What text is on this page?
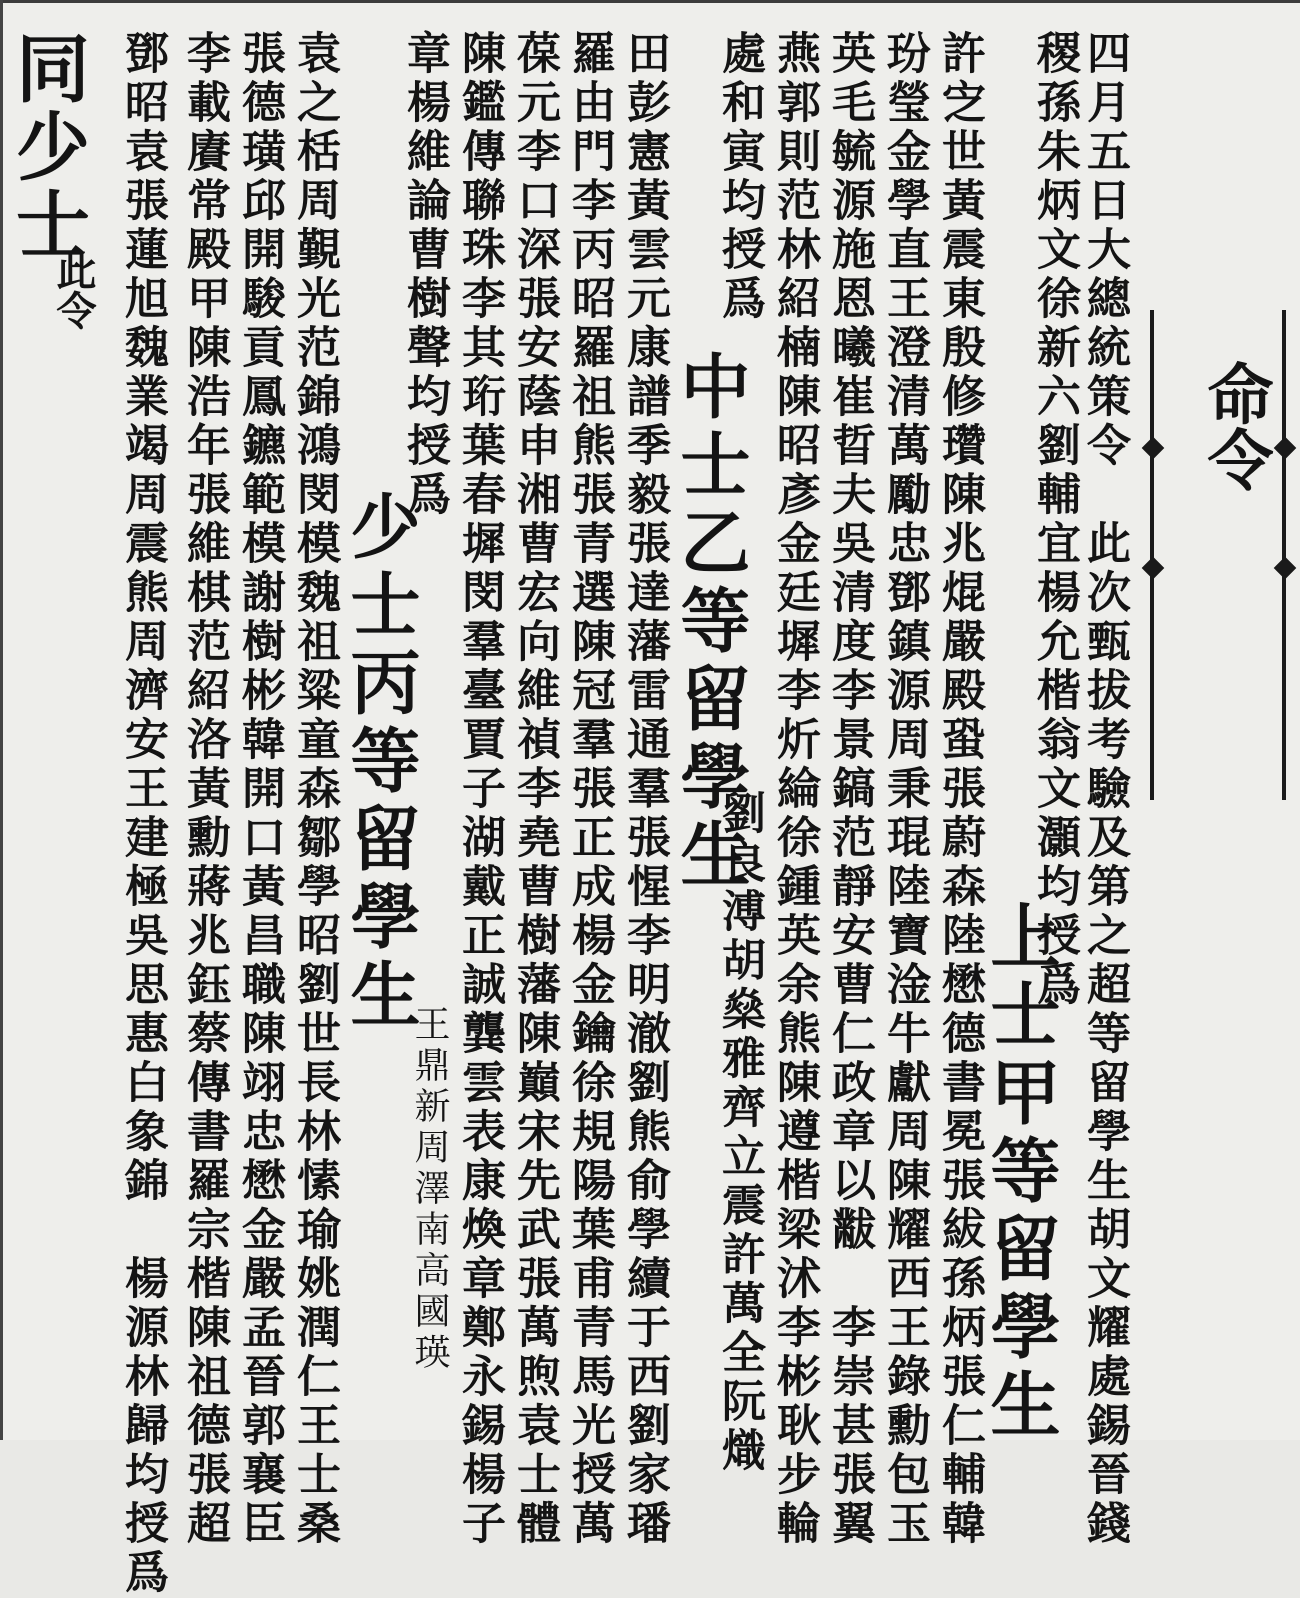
命令
四月五日大總統策令　此次甄拔考驗及第之超等留學生胡文耀處錫晉錢
稷孫朱炳文徐新六劉輔宜楊允楷翁文灝均授爲
上士甲等留學生
許㝎世黃震東殷修瓚陳兆焜嚴殿蛩張蔚森陸懋德書冕張紱孫炳張仁輔韓
玢瑩金學直王澄清萬勵忠鄧鎮源周秉琨陸寶淦牛獻周陳耀西王錄勳包玉
英毛毓源施恩曦崔晢夫吳清度李景鎬范靜安曹仁政章以黻　李崇甚張翼
燕郭則范林紹楠陳昭彥金廷墀李炘綸徐鍾英余熊陳遵楷梁沭李彬耿步輪
處和寅均授爲
中士乙等留學生
劉良溥胡燊雅齊立震許萬全阮熾
田彭憲黃雲元康譜季毅張達藩雷通羣張惺李明澈劉熊俞學續于西劉家璠
羅由門李丙昭羅祖熊張青選陳冠羣張正成楊金鑰徐規陽葉甫青馬光授萬
葆元李口深張安蔭申湘曹宏向維禎李堯曹樹藩陳巔宋先武張萬煦袁士體
陳鑑傳聯珠李其珩葉春墀閔羣臺賈子湖戴正誠龔雲表康煥章鄭永錫楊子
章楊維論曹樹聲均授爲
少士丙等留學生
王鼎新周澤南高國瑛
袁之栝周覲光范錦鴻閔模魏祖粱童森鄒學昭劉世長林愫瑜姚潤仁王士桑
張德璜邱開駿貢鳳鑣範模謝樹彬韓開口黃昌職陳翊忠懋金嚴孟晉郭襄臣
李載賡常殿甲陳浩年張維棋范紹洛黃勳蔣兆鈺蔡傳書羅宗楷陳祖德張超
鄧昭袁張蓮旭魏業竭周震熊周濟安王建極吳思惠白象錦　楊源林歸均授爲
同少士
此令
